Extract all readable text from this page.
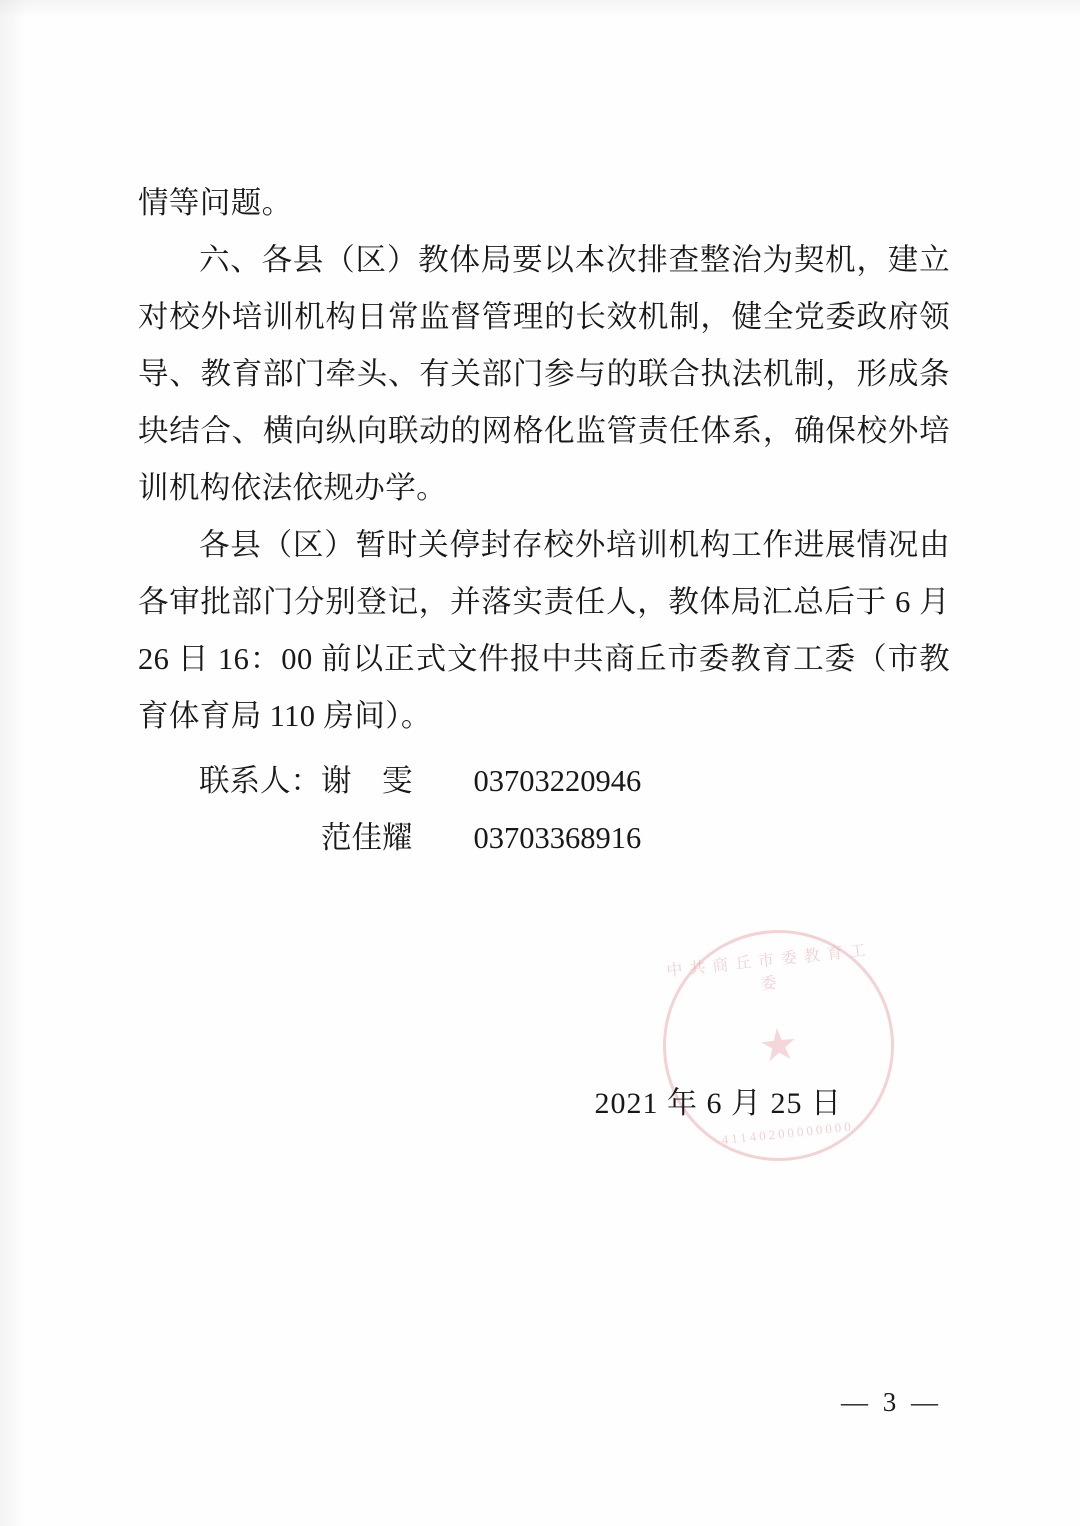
情等问题。

六、各县（区）教体局要以本次排查整治为契机，建立对校外培训机构日常监督管理的长效机制，健全党委政府领导、教育部门牵头、有关部门参与的联合执法机制，形成条块结合、横向纵向联动的网格化监管责任体系，确保校外培训机构依法依规办学。

各县（区）暂时关停封存校外培训机构工作进展情况由各审批部门分别登记，并落实责任人，教体局汇总后于 6 月 26 日 16：00 前以正式文件报中共商丘市委教育工委（市教育体育局 110 房间）。

联系人：谢　雯　　03703220946
　　　　范佳耀　　03703368916
中共商丘市委教育工委
★
41140200000000
2021 年 6 月 25 日
— 3 —
